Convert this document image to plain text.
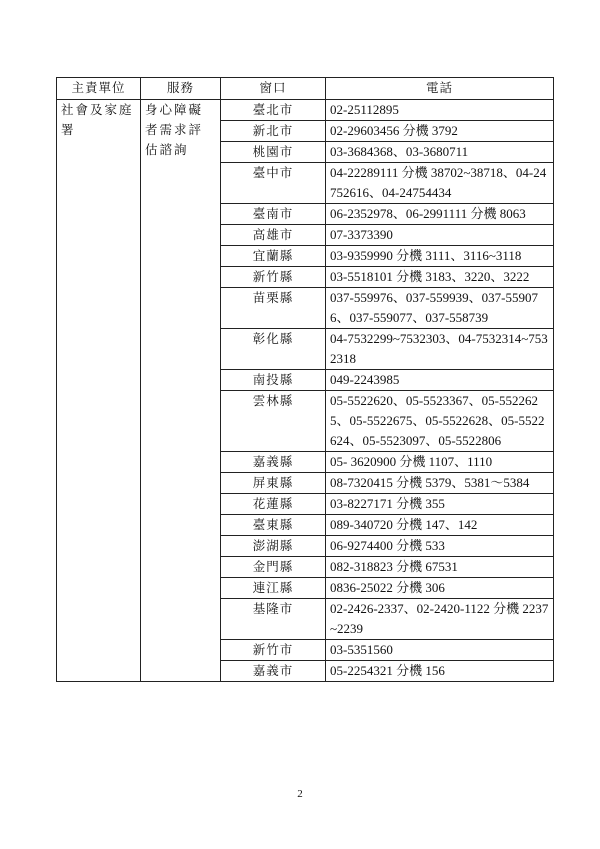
主責單位	服務	窗口	電話
社會及家庭署	身心障礙者需求評估諮詢	臺北市	02-25112895
		新北市	02-29603456 分機 3792
		桃園市	03-3684368、03-3680711
		臺中市	04-22289111 分機 38702~38718、04-24752616、04-24754434
		臺南市	06-2352978、06-2991111 分機 8063
		高雄市	07-3373390
		宜蘭縣	03-9359990 分機 3111、3116~3118
		新竹縣	03-5518101 分機 3183、3220、3222
		苗栗縣	037-559976、037-559939、037-559076、037-559077、037-558739
		彰化縣	04-7532299~7532303、04-7532314~7532318
		南投縣	049-2243985
		雲林縣	05-5522620、05-5523367、05-5522625、05-5522675、05-5522628、05-5522624、05-5523097、05-5522806
		嘉義縣	05- 3620900 分機 1107、1110
		屏東縣	08-7320415 分機 5379、5381～5384
		花蓮縣	03-8227171 分機 355
		臺東縣	089-340720 分機 147、142
		澎湖縣	06-9274400 分機 533
		金門縣	082-318823 分機 67531
		連江縣	0836-25022 分機 306
		基隆市	02-2426-2337、02-2420-1122 分機 2237~2239
		新竹市	03-5351560
		嘉義市	05-2254321 分機 156
2
